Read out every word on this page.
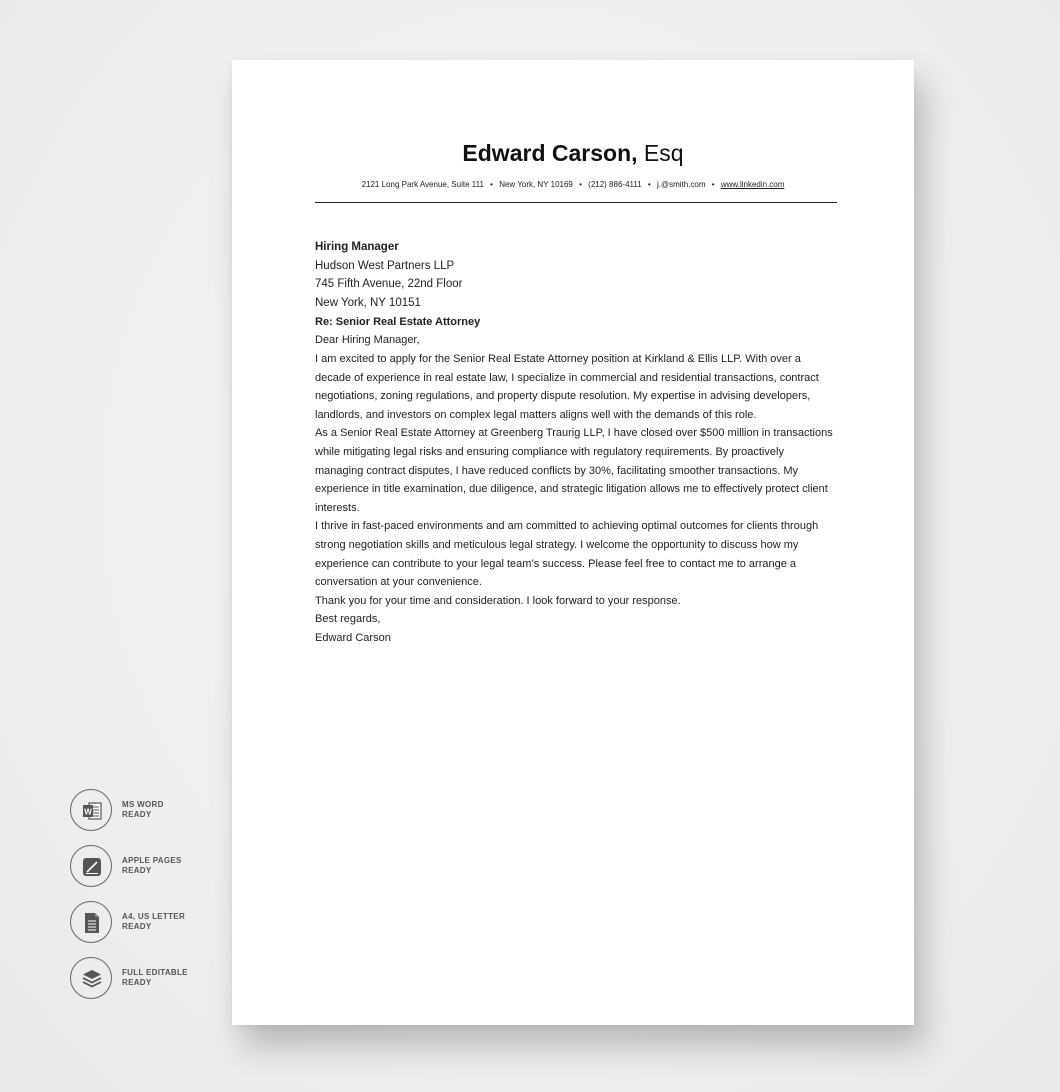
Edward Carson, Esq
2121 Long Park Avenue, Suite 111 • New York, NY 10169 • (212) 886-4111 • j.@smith.com • www.linkedin.com
Hiring Manager
Hudson West Partners LLP
745 Fifth Avenue, 22nd Floor
New York, NY 10151

Re: Senior Real Estate Attorney

Dear Hiring Manager,

I am excited to apply for the Senior Real Estate Attorney position at Kirkland & Ellis LLP. With over a decade of experience in real estate law, I specialize in commercial and residential transactions, contract negotiations, zoning regulations, and property dispute resolution. My expertise in advising developers, landlords, and investors on complex legal matters aligns well with the demands of this role.

As a Senior Real Estate Attorney at Greenberg Traurig LLP, I have closed over $500 million in transactions while mitigating legal risks and ensuring compliance with regulatory requirements. By proactively managing contract disputes, I have reduced conflicts by 30%, facilitating smoother transactions. My experience in title examination, due diligence, and strategic litigation allows me to effectively protect client interests.

I thrive in fast-paced environments and am committed to achieving optimal outcomes for clients through strong negotiation skills and meticulous legal strategy. I welcome the opportunity to discuss how my experience can contribute to your legal team’s success. Please feel free to contact me to arrange a conversation at your convenience.

Thank you for your time and consideration. I look forward to your response.

Best regards,

Edward Carson

W
MS WORD
READY
APPLE PAGES
READY
A4, US LETTER
READY
FULL EDITABLE
READY
